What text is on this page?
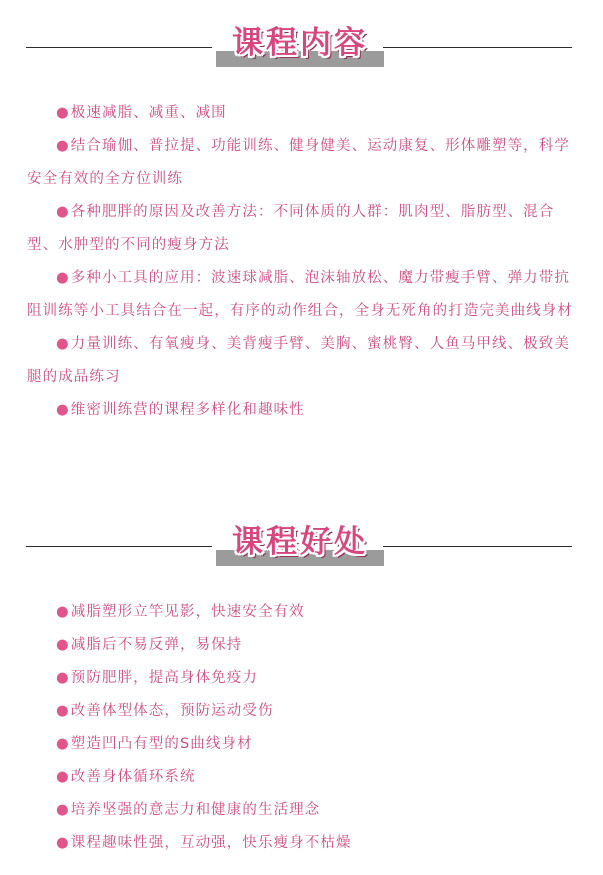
课程内容

●极速减脂、减重、减围

●结合瑜伽、普拉提、功能训练、健身健美、运动康复、形体雕塑等，科学安全有效的全方位训练

●各种肥胖的原因及改善方法：不同体质的人群：肌肉型、脂肪型、混合型、水肿型的不同的瘦身方法

●多种小工具的应用：波速球减脂、泡沫轴放松、魔力带瘦手臂、弹力带抗阻训练等小工具结合在一起，有序的动作组合，全身无死角的打造完美曲线身材

●力量训练、有氧瘦身、美背瘦手臂、美胸、蜜桃臀、人鱼马甲线、极致美腿的成品练习

●维密训练营的课程多样化和趣味性

课程好处

●减脂塑形立竿见影，快速安全有效

●减脂后不易反弹，易保持

●预防肥胖，提高身体免疫力

●改善体型体态，预防运动受伤

●塑造凹凸有型的S曲线身材

●改善身体循环系统

●培养坚强的意志力和健康的生活理念

●课程趣味性强，互动强，快乐瘦身不枯燥
